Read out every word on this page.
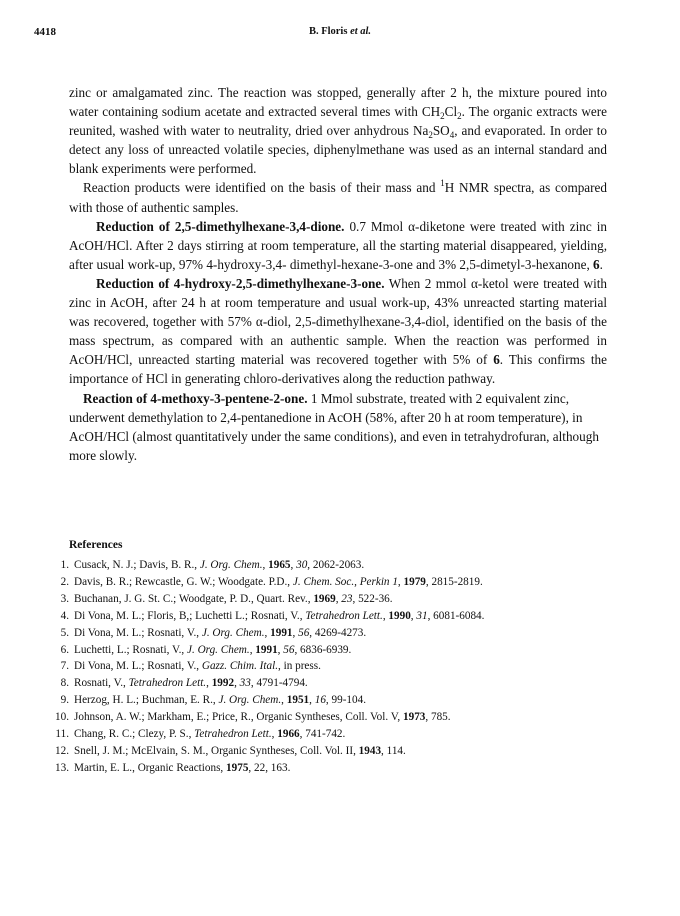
4418	B. Floris et al.

zinc or amalgamated zinc. The reaction was stopped, generally after 2 h, the mixture poured into water containing sodium acetate and extracted several times with $CH_2Cl_2$. The organic extracts were reunited, washed with water to neutrality, dried over anhydrous $Na_2SO_4$, and evaporated. In order to detect any loss of unreacted volatile species, diphenylmethane was used as an internal standard and blank experiments were performed.

Reaction products were identified on the basis of their mass and $^1$H NMR spectra, as compared with those of authentic samples.

Reduction of 2,5-dimethylhexane-3,4-dione. 0.7 Mmol α-diketone were treated with zinc in AcOH/HCl. After 2 days stirring at room temperature, all the starting material disappeared, yielding, after usual work-up, 97% 4-hydroxy-3,4- dimethyl-hexane-3-one and 3% 2,5-dimetyl-3-hexanone, 6.

Reduction of 4-hydroxy-2,5-dimethylhexane-3-one. When 2 mmol α-ketol were treated with zinc in AcOH, after 24 h at room temperature and usual work-up, 43% unreacted starting material was recovered, together with 57% α-diol, 2,5-dimethylhexane-3,4-diol, identified on the basis of the mass spectrum, as compared with an authentic sample. When the reaction was performed in AcOH/HCl, unreacted starting material was recovered together with 5% of 6. This confirms the importance of HCl in generating chloro-derivatives along the reduction pathway.

Reaction of 4-methoxy-3-pentene-2-one. 1 Mmol substrate, treated with 2 equivalent zinc, underwent demethylation to 2,4-pentanedione in AcOH (58%, after 20 h at room temperature), in AcOH/HCl (almost quantitatively under the same conditions), and even in tetrahydrofuran, although more slowly.

References
1. Cusack, N. J.; Davis, B. R., J. Org. Chem., 1965, 30, 2062-2063.
2. Davis, B. R.; Rewcastle, G. W.; Woodgate. P.D., J. Chem. Soc., Perkin 1, 1979, 2815-2819.
3. Buchanan, J. G. St. C.; Woodgate, P. D., Quart. Rev., 1969, 23, 522-36.
4. Di Vona, M. L.; Floris, B,; Luchetti L.; Rosnati, V., Tetrahedron Lett., 1990, 31, 6081-6084.
5. Di Vona, M. L.; Rosnati, V., J. Org. Chem., 1991, 56, 4269-4273.
6. Luchetti, L.; Rosnati, V., J. Org. Chem., 1991, 56, 6836-6939.
7. Di Vona, M. L.; Rosnati, V., Gazz. Chim. Ital., in press.
8. Rosnati, V., Tetrahedron Lett., 1992, 33, 4791-4794.
9. Herzog, H. L.; Buchman, E. R., J. Org. Chem., 1951, 16, 99-104.
10. Johnson, A. W.; Markham, E.; Price, R., Organic Syntheses, Coll. Vol. V, 1973, 785.
11. Chang, R. C.; Clezy, P. S., Tetrahedron Lett., 1966, 741-742.
12. Snell, J. M.; McElvain, S. M., Organic Syntheses, Coll. Vol. II, 1943, 114.
13. Martin, E. L., Organic Reactions, 1975, 22, 163.
